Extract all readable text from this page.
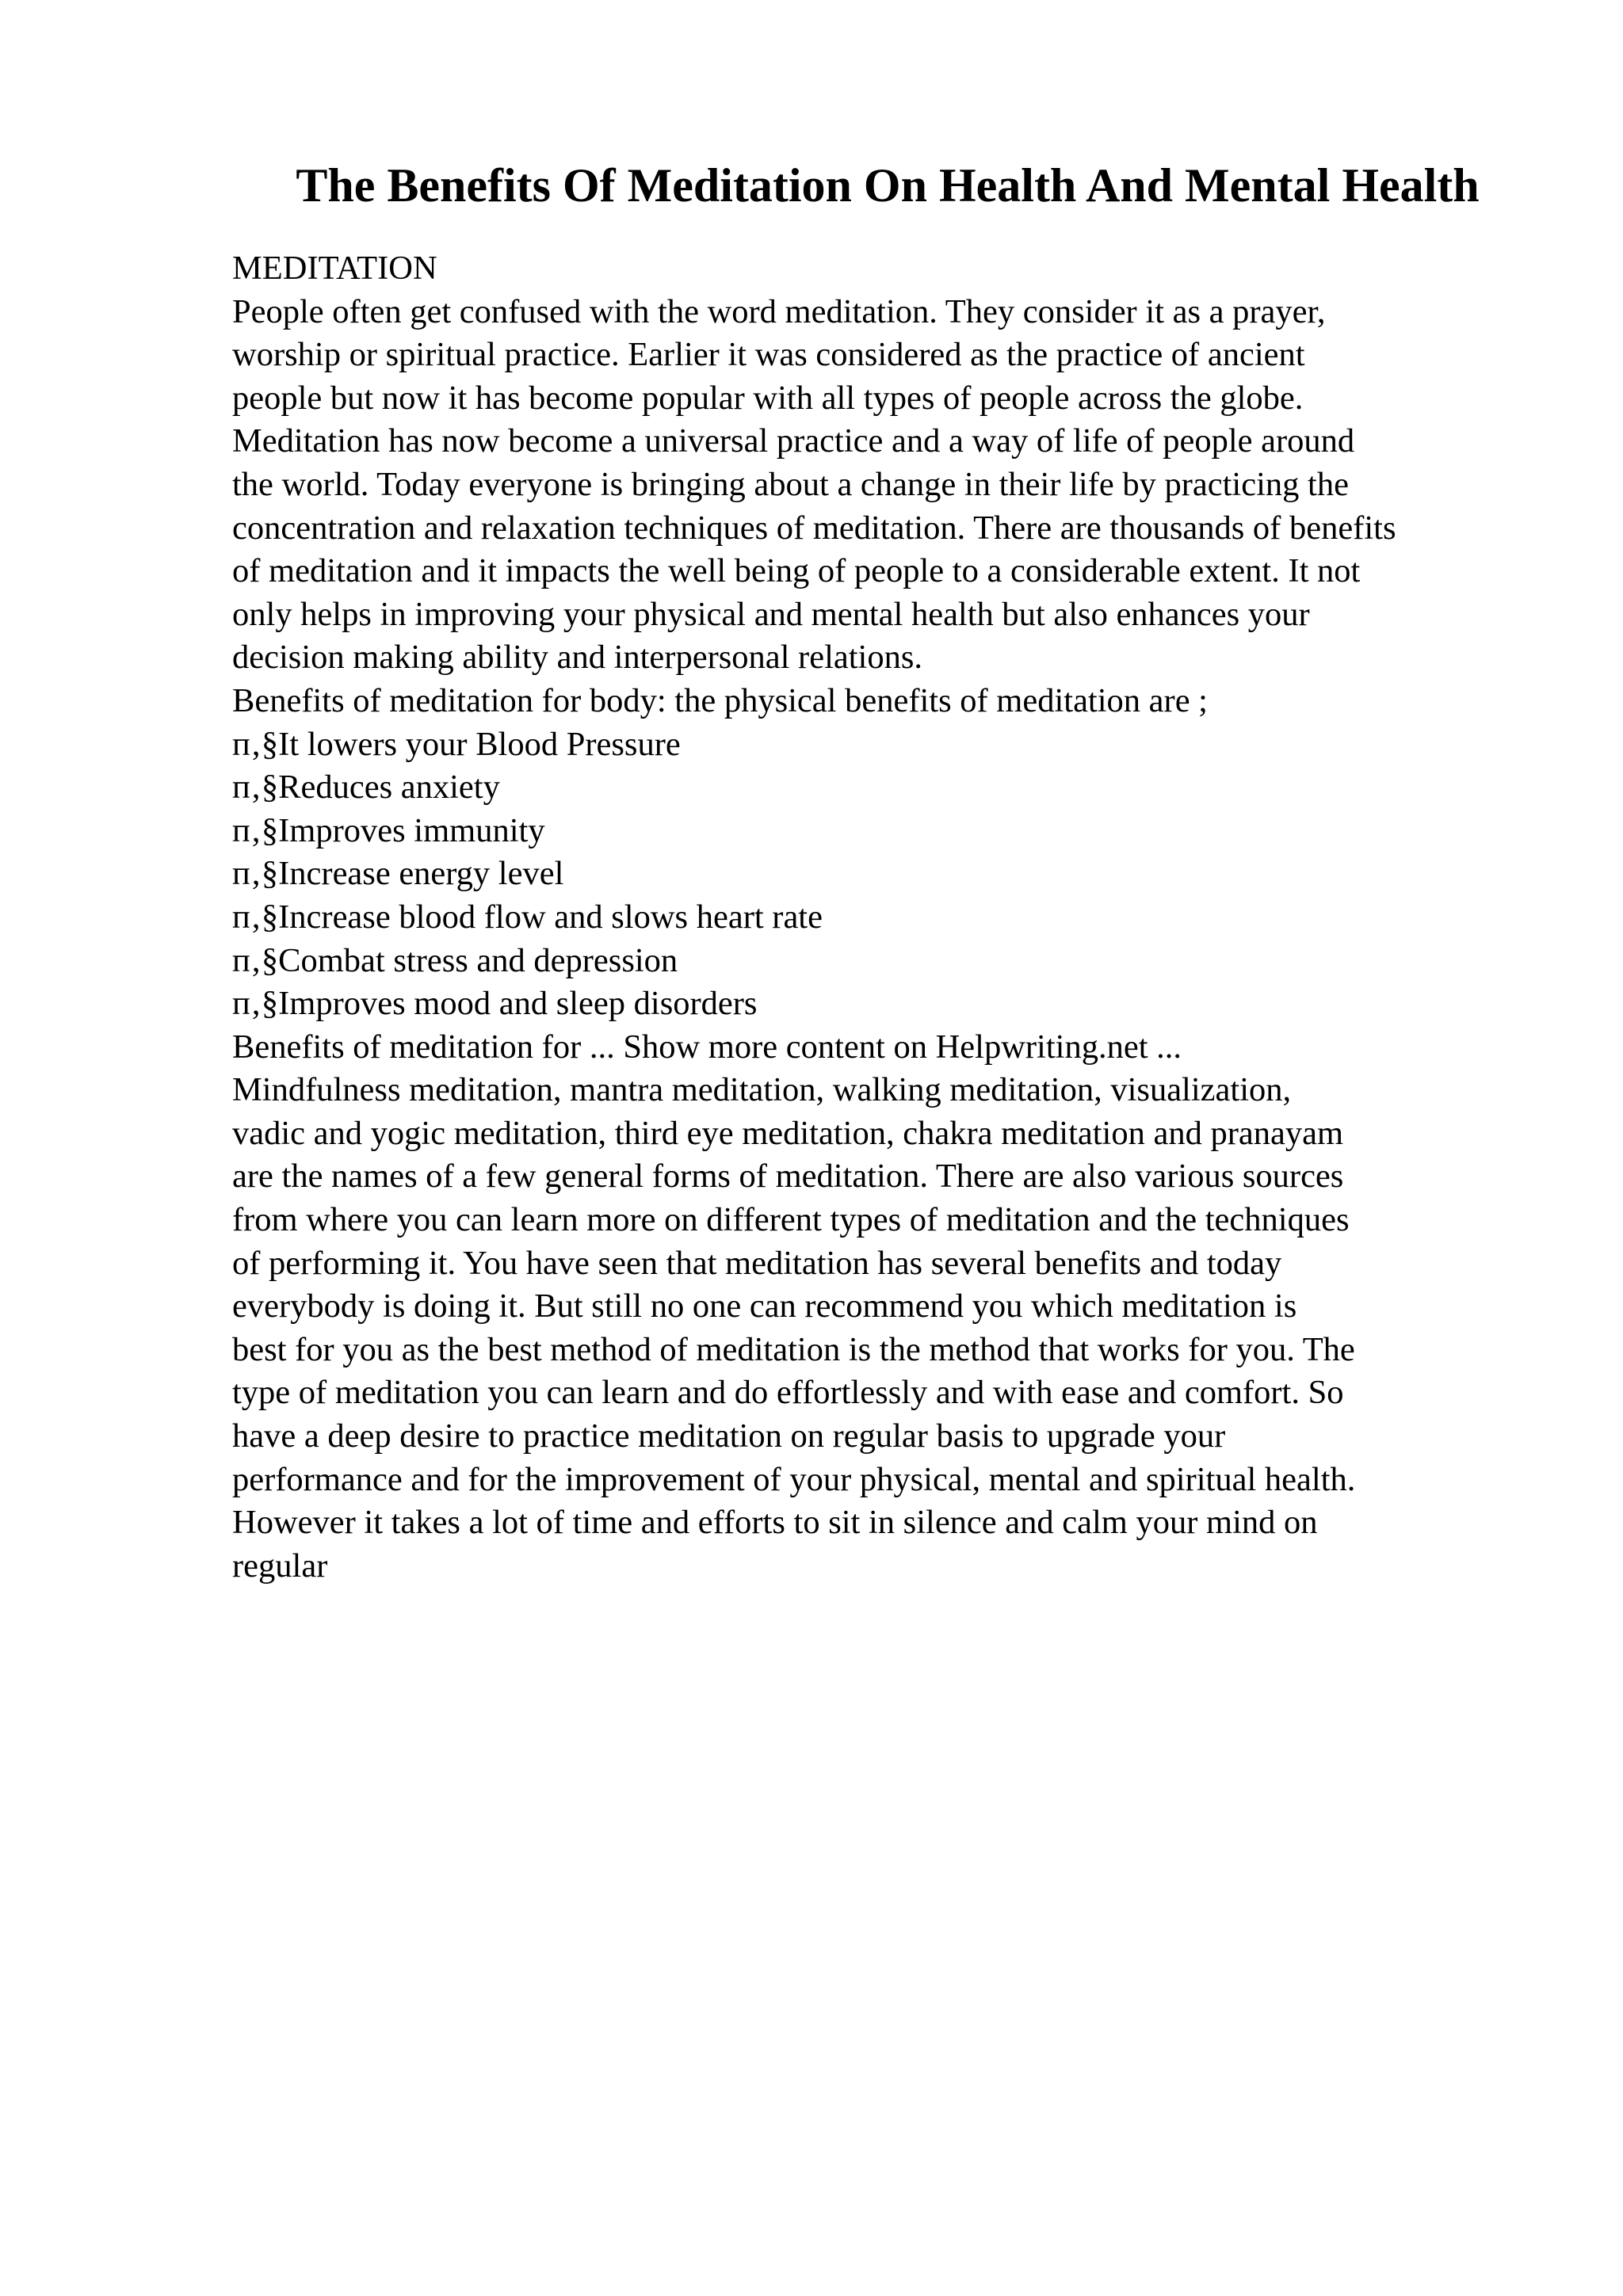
The Benefits Of Meditation On Health And Mental Health
MEDITATION
People often get confused with the word meditation. They consider it as a prayer,
worship or spiritual practice. Earlier it was considered as the practice of ancient
people but now it has become popular with all types of people across the globe.
Meditation has now become a universal practice and a way of life of people around
the world. Today everyone is bringing about a change in their life by practicing the
concentration and relaxation techniques of meditation. There are thousands of benefits
of meditation and it impacts the well being of people to a considerable extent. It not
only helps in improving your physical and mental health but also enhances your
decision making ability and interpersonal relations.
Benefits of meditation for body: the physical benefits of meditation are ;
п‚§It lowers your Blood Pressure
п‚§Reduces anxiety
п‚§Improves immunity
п‚§Increase energy level
п‚§Increase blood flow and slows heart rate
п‚§Combat stress and depression
п‚§Improves mood and sleep disorders
Benefits of meditation for ... Show more content on Helpwriting.net ...
Mindfulness meditation, mantra meditation, walking meditation, visualization,
vadic and yogic meditation, third eye meditation, chakra meditation and pranayam
are the names of a few general forms of meditation. There are also various sources
from where you can learn more on different types of meditation and the techniques
of performing it. You have seen that meditation has several benefits and today
everybody is doing it. But still no one can recommend you which meditation is
best for you as the best method of meditation is the method that works for you. The
type of meditation you can learn and do effortlessly and with ease and comfort. So
have a deep desire to practice meditation on regular basis to upgrade your
performance and for the improvement of your physical, mental and spiritual health.
However it takes a lot of time and efforts to sit in silence and calm your mind on
regular
